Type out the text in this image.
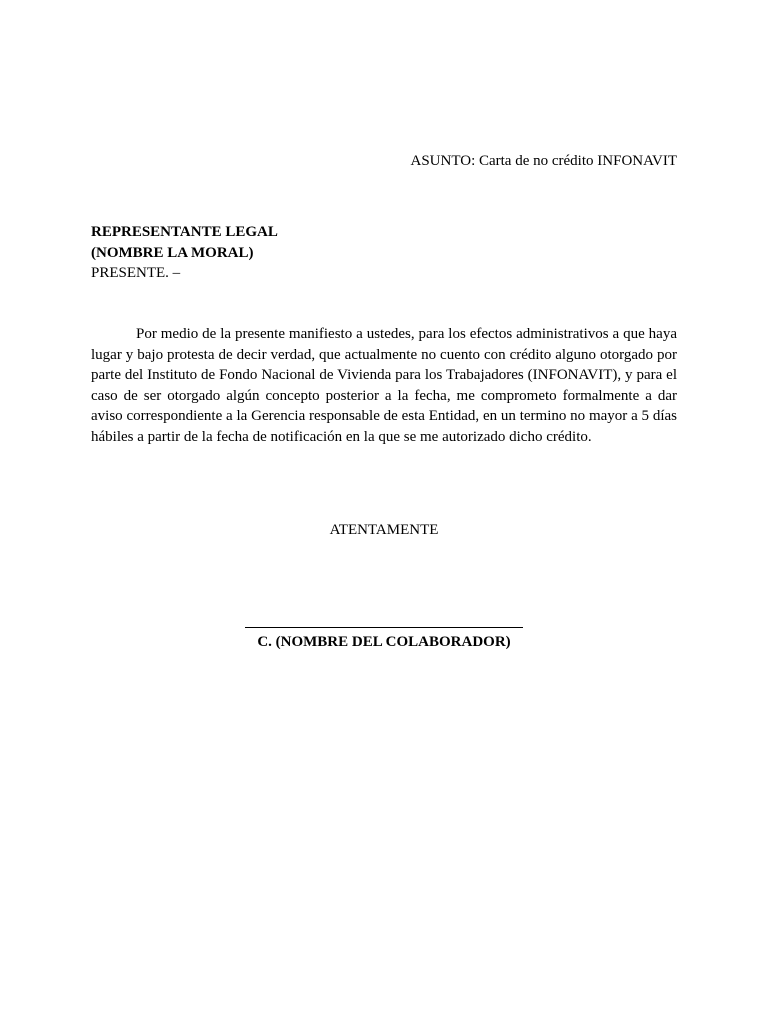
ASUNTO: Carta de no crédito INFONAVIT
REPRESENTANTE LEGAL
(NOMBRE LA MORAL)
PRESENTE. –

Por medio de la presente manifiesto a ustedes, para los efectos administrativos a que haya lugar y bajo protesta de decir verdad, que actualmente no cuento con crédito alguno otorgado por parte del Instituto de Fondo Nacional de Vivienda para los Trabajadores (INFONAVIT), y para el caso de ser otorgado algún concepto posterior a la fecha, me comprometo formalmente a dar aviso correspondiente a la Gerencia responsable de esta Entidad, en un termino no mayor a 5 días hábiles a partir de la fecha de notificación en la que se me autorizado dicho crédito.

ATENTAMENTE
C. (NOMBRE DEL COLABORADOR)
